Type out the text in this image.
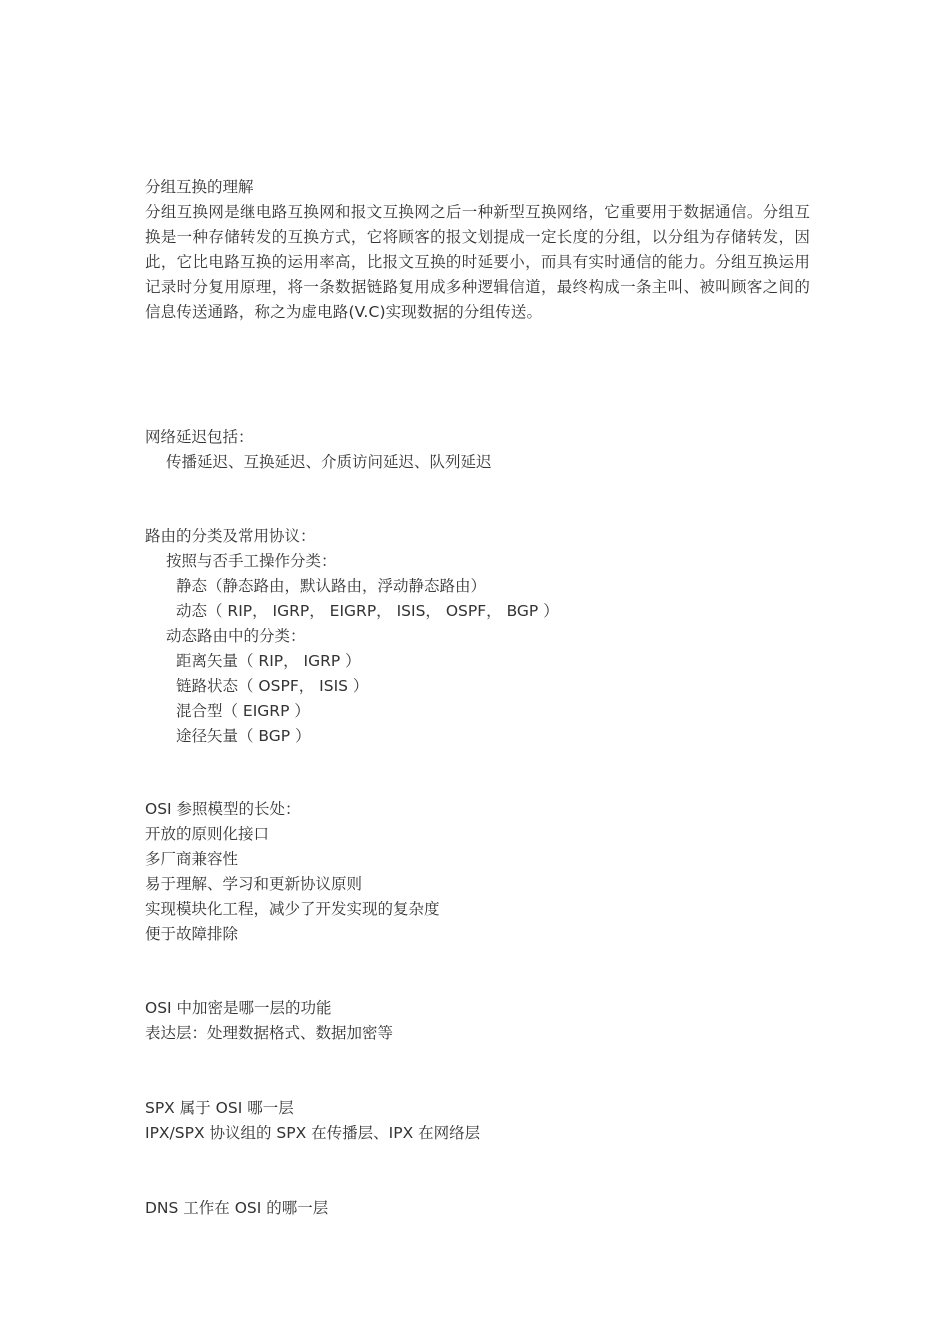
分组互换的理解
分组互换网是继电路互换网和报文互换网之后一种新型互换网络，它重要用于数据通信。分组互换是一种存储转发的互换方式，它将顾客的报文划提成一定长度的分组，以分组为存储转发，因此，它比电路互换的运用率高，比报文互换的时延要小，而具有实时通信的能力。分组互换运用记录时分复用原理，将一条数据链路复用成多种逻辑信道，最终构成一条主叫、被叫顾客之间的信息传送通路，称之为虚电路(V.C)实现数据的分组传送。
网络延迟包括：
传播延迟、互换延迟、介质访问延迟、队列延迟
路由的分类及常用协议：
按照与否手工操作分类：
静态（静态路由，默认路由，浮动静态路由）
动态（ RIP， IGRP， EIGRP， ISIS， OSPF， BGP ）
动态路由中的分类：
距离矢量（ RIP， IGRP ）
链路状态（ OSPF， ISIS ）
混合型（ EIGRP ）
途径矢量（ BGP ）
OSI 参照模型的长处：
开放的原则化接口
多厂商兼容性
易于理解、学习和更新协议原则
实现模块化工程，减少了开发实现的复杂度
便于故障排除
OSI 中加密是哪一层的功能
表达层：处理数据格式、数据加密等
SPX 属于 OSI 哪一层
IPX/SPX 协议组的 SPX 在传播层、IPX 在网络层
DNS 工作在 OSI 的哪一层
